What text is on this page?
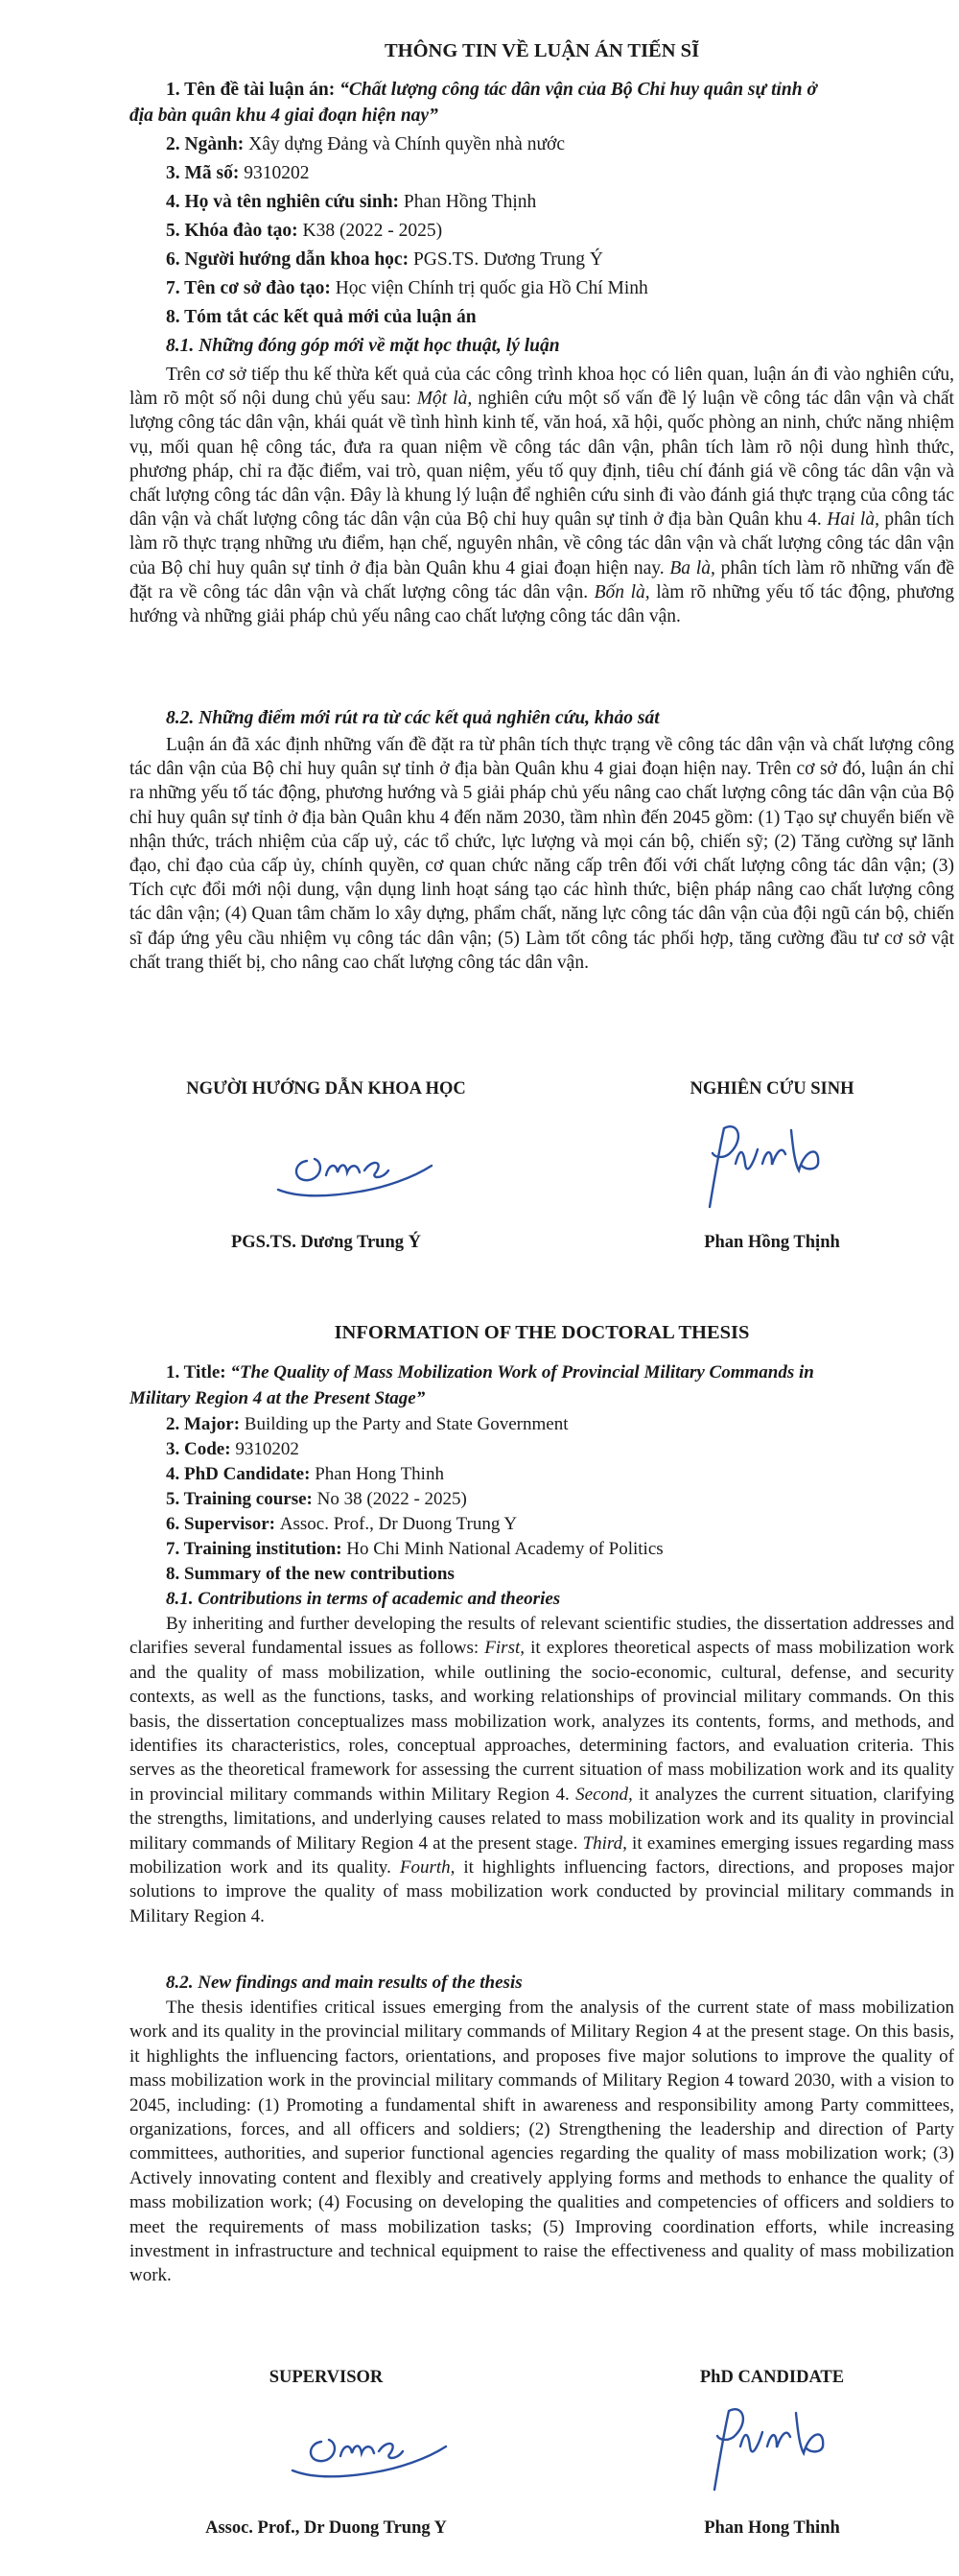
THÔNG TIN VỀ LUẬN ÁN TIẾN SĨ
1. Tên đề tài luận án: “Chất lượng công tác dân vận của Bộ Chỉ huy quân sự tỉnh ở
địa bàn quân khu 4 giai đoạn hiện nay”
2. Ngành: Xây dựng Đảng và Chính quyền nhà nước
3. Mã số: 9310202
4. Họ và tên nghiên cứu sinh: Phan Hồng Thịnh
5. Khóa đào tạo: K38 (2022 - 2025)
6. Người hướng dẫn khoa học: PGS.TS. Dương Trung Ý
7. Tên cơ sở đào tạo: Học viện Chính trị quốc gia Hồ Chí Minh
8. Tóm tắt các kết quả mới của luận án
8.1. Những đóng góp mới về mặt học thuật, lý luận
Trên cơ sở tiếp thu kế thừa kết quả của các công trình khoa học có liên quan, luận án đi vào nghiên cứu, làm rõ một số nội dung chủ yếu sau: Một là, nghiên cứu một số vấn đề lý luận về công tác dân vận và chất lượng công tác dân vận, khái quát về tình hình kinh tế, văn hoá, xã hội, quốc phòng an ninh, chức năng nhiệm vụ, mối quan hệ công tác, đưa ra quan niệm về công tác dân vận, phân tích làm rõ nội dung hình thức, phương pháp, chỉ ra đặc điểm, vai trò, quan niệm, yếu tố quy định, tiêu chí đánh giá về công tác dân vận và chất lượng công tác dân vận. Đây là khung lý luận để nghiên cứu sinh đi vào đánh giá thực trạng của công tác dân vận và chất lượng công tác dân vận của Bộ chỉ huy quân sự tỉnh ở địa bàn Quân khu 4. Hai là, phân tích làm rõ thực trạng những ưu điểm, hạn chế, nguyên nhân, về công tác dân vận và chất lượng công tác dân vận của Bộ chỉ huy quân sự tỉnh ở địa bàn Quân khu 4 giai đoạn hiện nay. Ba là, phân tích làm rõ những vấn đề đặt ra về công tác dân vận và chất lượng công tác dân vận. Bốn là, làm rõ những yếu tố tác động, phương hướng và những giải pháp chủ yếu nâng cao chất lượng công tác dân vận.
8.2. Những điểm mới rút ra từ các kết quả nghiên cứu, khảo sát
Luận án đã xác định những vấn đề đặt ra từ phân tích thực trạng về công tác dân vận và chất lượng công tác dân vận của Bộ chỉ huy quân sự tỉnh ở địa bàn Quân khu 4 giai đoạn hiện nay. Trên cơ sở đó, luận án chỉ ra những yếu tố tác động, phương hướng và 5 giải pháp chủ yếu nâng cao chất lượng công tác dân vận của Bộ chỉ huy quân sự tỉnh ở địa bàn Quân khu 4 đến năm 2030, tầm nhìn đến 2045 gồm: (1) Tạo sự chuyển biến về nhận thức, trách nhiệm của cấp uỷ, các tổ chức, lực lượng và mọi cán bộ, chiến sỹ; (2) Tăng cường sự lãnh đạo, chỉ đạo của cấp ủy, chính quyền, cơ quan chức năng cấp trên đối với chất lượng công tác dân vận; (3) Tích cực đổi mới nội dung, vận dụng linh hoạt sáng tạo các hình thức, biện pháp nâng cao chất lượng công tác dân vận; (4) Quan tâm chăm lo xây dựng, phẩm chất, năng lực công tác dân vận của đội ngũ cán bộ, chiến sĩ đáp ứng yêu cầu nhiệm vụ công tác dân vận; (5) Làm tốt công tác phối hợp, tăng cường đầu tư cơ sở vật chất trang thiết bị, cho nâng cao chất lượng công tác dân vận.
NGƯỜI HƯỚNG DẪN KHOA HỌC	NGHIÊN CỨU SINH
PGS.TS. Dương Trung Ý	Phan Hồng Thịnh
INFORMATION OF THE DOCTORAL THESIS
1. Title: “The Quality of Mass Mobilization Work of Provincial Military Commands in
Military Region 4 at the Present Stage”
2. Major: Building up the Party and State Government
3. Code: 9310202
4. PhD Candidate: Phan Hong Thinh
5. Training course: No 38 (2022 - 2025)
6. Supervisor: Assoc. Prof., Dr Duong Trung Y
7. Training institution: Ho Chi Minh National Academy of Politics
8. Summary of the new contributions
8.1. Contributions in terms of academic and theories
By inheriting and further developing the results of relevant scientific studies, the dissertation addresses and clarifies several fundamental issues as follows: First, it explores theoretical aspects of mass mobilization work and the quality of mass mobilization, while outlining the socio-economic, cultural, defense, and security contexts, as well as the functions, tasks, and working relationships of provincial military commands. On this basis, the dissertation conceptualizes mass mobilization work, analyzes its contents, forms, and methods, and identifies its characteristics, roles, conceptual approaches, determining factors, and evaluation criteria. This serves as the theoretical framework for assessing the current situation of mass mobilization work and its quality in provincial military commands within Military Region 4. Second, it analyzes the current situation, clarifying the strengths, limitations, and underlying causes related to mass mobilization work and its quality in provincial military commands of Military Region 4 at the present stage. Third, it examines emerging issues regarding mass mobilization work and its quality. Fourth, it highlights influencing factors, directions, and proposes major solutions to improve the quality of mass mobilization work conducted by provincial military commands in Military Region 4.
8.2. New findings and main results of the thesis
The thesis identifies critical issues emerging from the analysis of the current state of mass mobilization work and its quality in the provincial military commands of Military Region 4 at the present stage. On this basis, it highlights the influencing factors, orientations, and proposes five major solutions to improve the quality of mass mobilization work in the provincial military commands of Military Region 4 toward 2030, with a vision to 2045, including: (1) Promoting a fundamental shift in awareness and responsibility among Party committees, organizations, forces, and all officers and soldiers; (2) Strengthening the leadership and direction of Party committees, authorities, and superior functional agencies regarding the quality of mass mobilization work; (3) Actively innovating content and flexibly and creatively applying forms and methods to enhance the quality of mass mobilization work; (4) Focusing on developing the qualities and competencies of officers and soldiers to meet the requirements of mass mobilization tasks; (5) Improving coordination efforts, while increasing investment in infrastructure and technical equipment to raise the effectiveness and quality of mass mobilization work.
SUPERVISOR	PhD CANDIDATE
Assoc. Prof., Dr Duong Trung Y	Phan Hong Thinh
